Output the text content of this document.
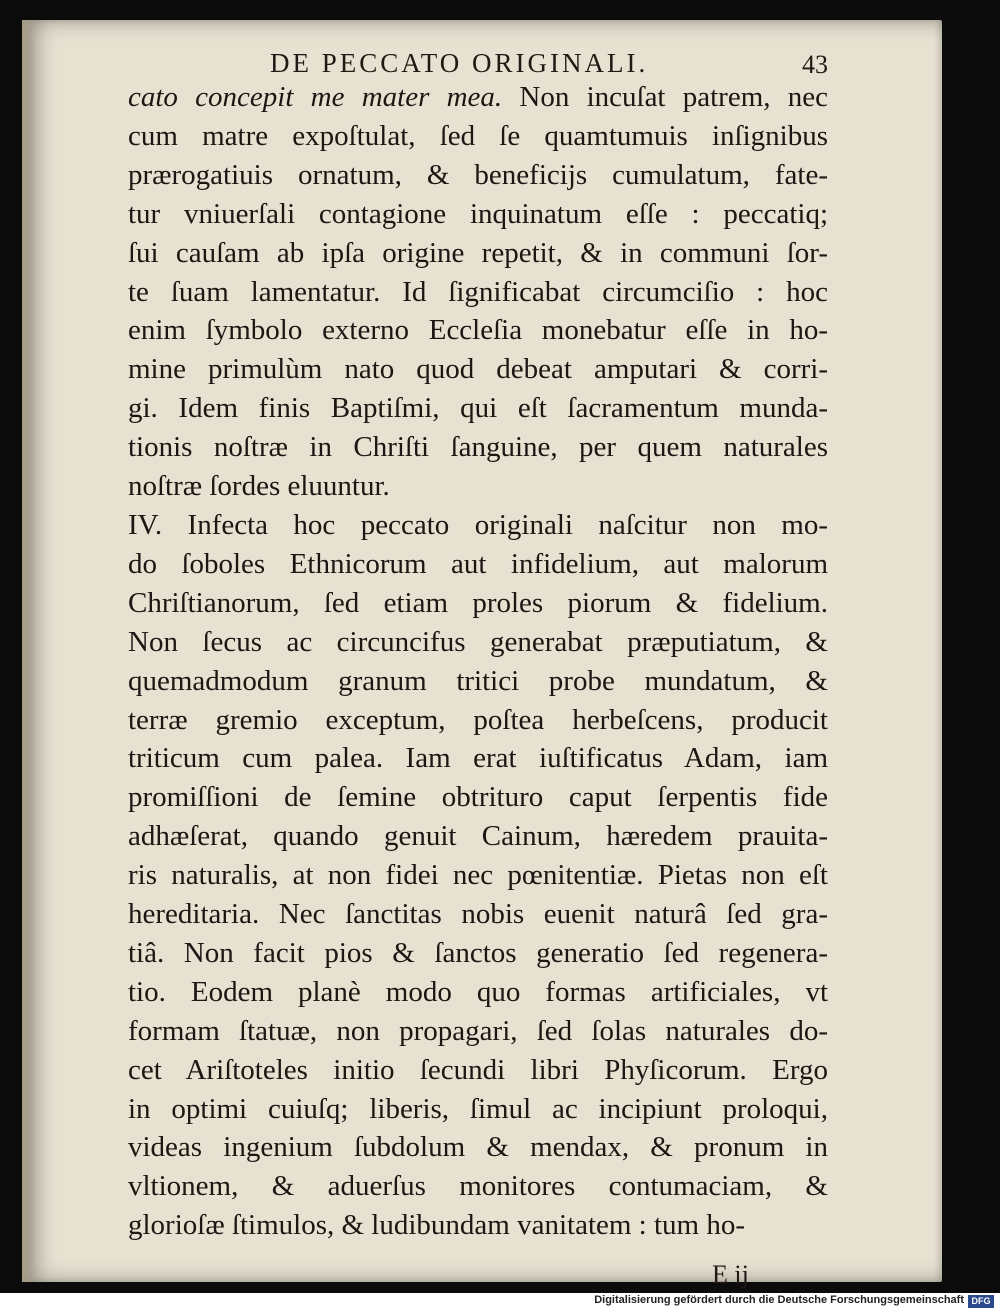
DE PECCATO ORIGINALI.	43
cato concepit me mater mea. Non incuſat patrem, nec
cum matre expoſtulat, ſed ſe quamtumuis inſignibus
prærogatiuis ornatum, & beneficijs cumulatum, fate-
tur vniuerſali contagione inquinatum eſſe : peccatiq;
ſui cauſam ab ipſa origine repetit, & in communi ſor-
te ſuam lamentatur. Id ſignificabat circumciſio : hoc
enim ſymbolo externo Eccleſia monebatur eſſe in ho-
mine primulùm nato quod debeat amputari & corri-
gi. Idem finis Baptiſmi, qui eſt ſacramentum munda-
tionis noſtræ in Chriſti ſanguine, per quem naturales
noſtræ ſordes eluuntur.
IV. Infecta hoc peccato originali naſcitur non mo-
do ſoboles Ethnicorum aut infidelium, aut malorum
Chriſtianorum, ſed etiam proles piorum & fidelium.
Non ſecus ac circuncifus generabat præputiatum, &
quemadmodum granum tritici probe mundatum, &
terræ gremio exceptum, poſtea herbeſcens, producit
triticum cum palea. Iam erat iuſtificatus Adam, iam
promiſſioni de ſemine obtrituro caput ſerpentis fide
adhæſerat, quando genuit Cainum, hæredem prauita-
ris naturalis, at non fidei nec pœnitentiæ. Pietas non eſt
hereditaria. Nec ſanctitas nobis euenit naturâ ſed gra-
tiâ. Non facit pios & ſanctos generatio ſed regenera-
tio. Eodem planè modo quo formas artificiales, vt
formam ſtatuæ, non propagari, ſed ſolas naturales do-
cet Ariſtoteles initio ſecundi libri Phyſicorum. Ergo
in optimi cuiuſq; liberis, ſimul ac incipiunt proloqui,
videas ingenium ſubdolum & mendax, & pronum in
vltionem, & aduerſus monitores contumaciam, &
glorioſæ ſtimulos, & ludibundam vanitatem : tum ho-
E ij
Digitalisierung gefördert durch die Deutsche Forschungsgemeinschaft DFG
